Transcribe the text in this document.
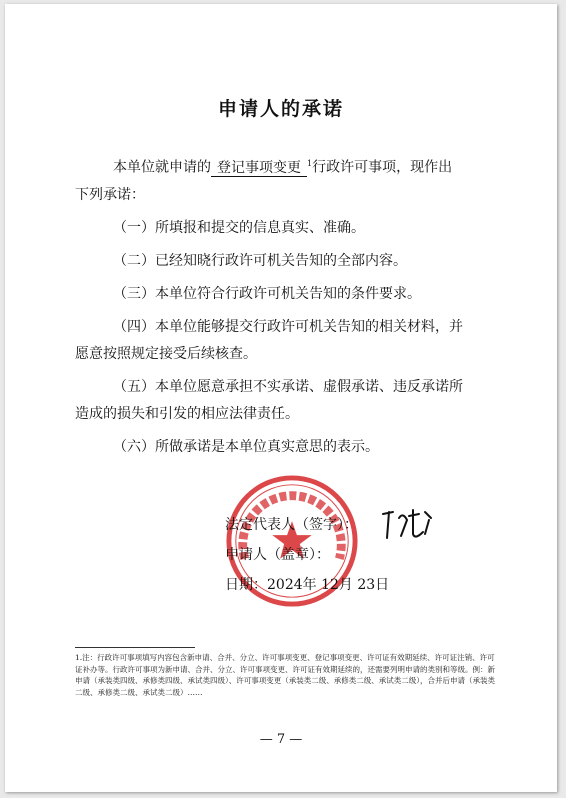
申请人的承诺

本单位就申请的 登记事项变更 $^1$行政许可事项，现作出

下列承诺：

（一）所填报和提交的信息真实、准确。

（二）已经知晓行政许可机关告知的全部内容。

（三）本单位符合行政许可机关告知的条件要求。

（四）本单位能够提交行政许可机关告知的相关材料，并

愿意按照规定接受后续核查。

（五）本单位愿意承担不实承诺、虚假承诺、违反承诺所

造成的损失和引发的相应法律责任。

（六）所做承诺是本单位真实意思的表示。

法定代表人（签字）：
申请人（盖章）：
日期：2024年 12月 23日
1.注：行政许可事项填写内容包含新申请、合并、分立、许可事项变更、登记事项变更、许可证有效期延续、许可证注销、许可证补办等。行政许可事项为新申请、合并、分立、许可事项变更、许可证有效期延续的，还需要列明申请的类别和等级。例：新申请（承装类四级、承修类四级、承试类四级）、许可事项变更（承装类二级、承修类二级、承试类二级），合并后申请（承装类二级、承修类二级、承试类二级）……
— 7 —
